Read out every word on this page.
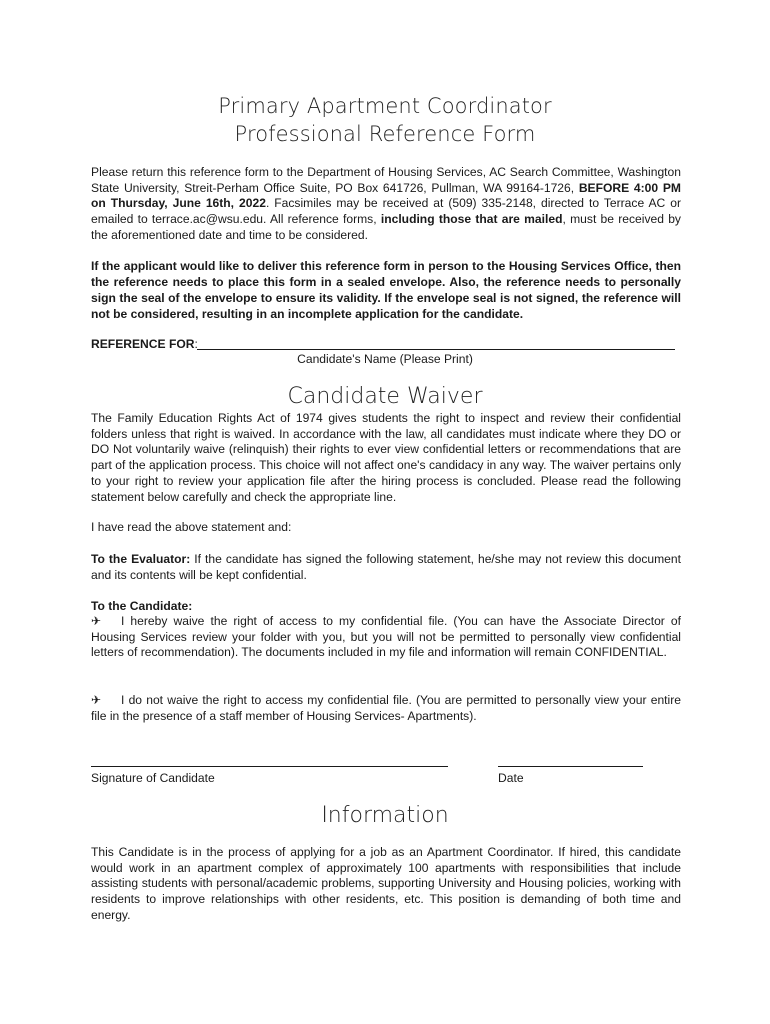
Primary Apartment Coordinator
Professional Reference Form

Please return this reference form to the Department of Housing Services, AC Search Committee, Washington State University, Streit-Perham Office Suite, PO Box 641726, Pullman, WA 99164-1726, BEFORE 4:00 PM on Thursday, June 16th, 2022. Facsimiles may be received at (509) 335-2148, directed to Terrace AC or emailed to terrace.ac@wsu.edu. All reference forms, including those that are mailed, must be received by the aforementioned date and time to be considered.

If the applicant would like to deliver this reference form in person to the Housing Services Office, then the reference needs to place this form in a sealed envelope. Also, the reference needs to personally sign the seal of the envelope to ensure its validity. If the envelope seal is not signed, the reference will not be considered, resulting in an incomplete application for the candidate.

REFERENCE FOR:
Candidate's Name (Please Print)
Candidate Waiver

The Family Education Rights Act of 1974 gives students the right to inspect and review their confidential folders unless that right is waived. In accordance with the law, all candidates must indicate where they DO or DO Not voluntarily waive (relinquish) their rights to ever view confidential letters or recommendations that are part of the application process. This choice will not affect one's candidacy in any way. The waiver pertains only to your right to review your application file after the hiring process is concluded. Please read the following statement below carefully and check the appropriate line.

I have read the above statement and:

To the Evaluator: If the candidate has signed the following statement, he/she may not review this document and its contents will be kept confidential.

To the Candidate:

✈ I hereby waive the right of access to my confidential file. (You can have the Associate Director of Housing Services review your folder with you, but you will not be permitted to personally view confidential letters of recommendation). The documents included in my file and information will remain CONFIDENTIAL.

✈ I do not waive the right to access my confidential file. (You are permitted to personally view your entire file in the presence of a staff member of Housing Services- Apartments).

Signature of Candidate	Date
Information

This Candidate is in the process of applying for a job as an Apartment Coordinator. If hired, this candidate would work in an apartment complex of approximately 100 apartments with responsibilities that include assisting students with personal/academic problems, supporting University and Housing policies, working with residents to improve relationships with other residents, etc. This position is demanding of both time and energy.
